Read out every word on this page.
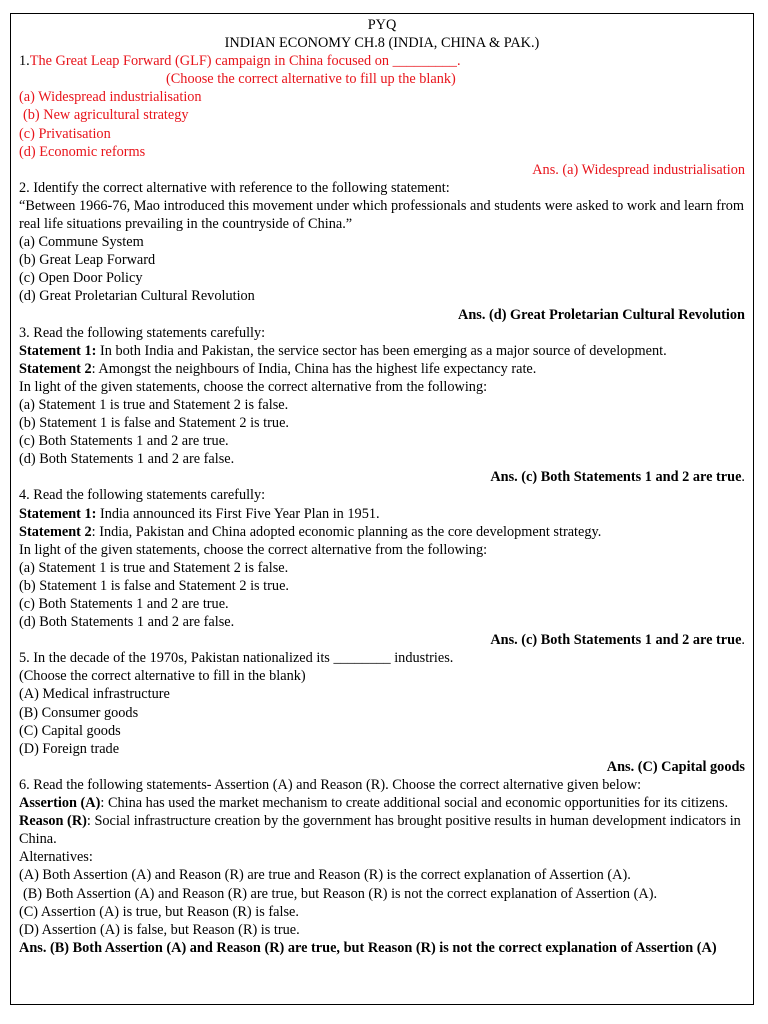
PYQ
INDIAN ECONOMY CH.8 (INDIA, CHINA & PAK.)
1.The Great Leap Forward (GLF) campaign in China focused on _________.
(Choose the correct alternative to fill up the blank)
(a) Widespread industrialisation
(b) New agricultural strategy
(c) Privatisation
(d) Economic reforms
Ans. (a) Widespread industrialisation
2. Identify the correct alternative with reference to the following statement:
“Between 1966-76, Mao introduced this movement under which professionals and students were asked to work and learn from real life situations prevailing in the countryside of China.”
(a) Commune System
(b) Great Leap Forward
(c) Open Door Policy
(d) Great Proletarian Cultural Revolution
Ans. (d) Great Proletarian Cultural Revolution
3. Read the following statements carefully:
Statement 1: In both India and Pakistan, the service sector has been emerging as a major source of development.
Statement 2: Amongst the neighbours of India, China has the highest life expectancy rate.
In light of the given statements, choose the correct alternative from the following:
(a) Statement 1 is true and Statement 2 is false.
(b) Statement 1 is false and Statement 2 is true.
(c) Both Statements 1 and 2 are true.
(d) Both Statements 1 and 2 are false.
Ans. (c) Both Statements 1 and 2 are true.
4. Read the following statements carefully:
Statement 1: India announced its First Five Year Plan in 1951.
Statement 2: India, Pakistan and China adopted economic planning as the core development strategy.
In light of the given statements, choose the correct alternative from the following:
(a) Statement 1 is true and Statement 2 is false.
(b) Statement 1 is false and Statement 2 is true.
(c) Both Statements 1 and 2 are true.
(d) Both Statements 1 and 2 are false.
Ans. (c) Both Statements 1 and 2 are true.
5. In the decade of the 1970s, Pakistan nationalized its ________ industries.
(Choose the correct alternative to fill in the blank)
(A) Medical infrastructure
(B) Consumer goods
(C) Capital goods
(D) Foreign trade
Ans. (C) Capital goods
6. Read the following statements- Assertion (A) and Reason (R). Choose the correct alternative given below:
Assertion (A): China has used the market mechanism to create additional social and economic opportunities for its citizens.
Reason (R): Social infrastructure creation by the government has brought positive results in human development indicators in China.
Alternatives:
(A) Both Assertion (A) and Reason (R) are true and Reason (R) is the correct explanation of Assertion (A).
(B) Both Assertion (A) and Reason (R) are true, but Reason (R) is not the correct explanation of Assertion (A).
(C) Assertion (A) is true, but Reason (R) is false.
(D) Assertion (A) is false, but Reason (R) is true.
Ans. (B) Both Assertion (A) and Reason (R) are true, but Reason (R) is not the correct explanation of Assertion (A)
